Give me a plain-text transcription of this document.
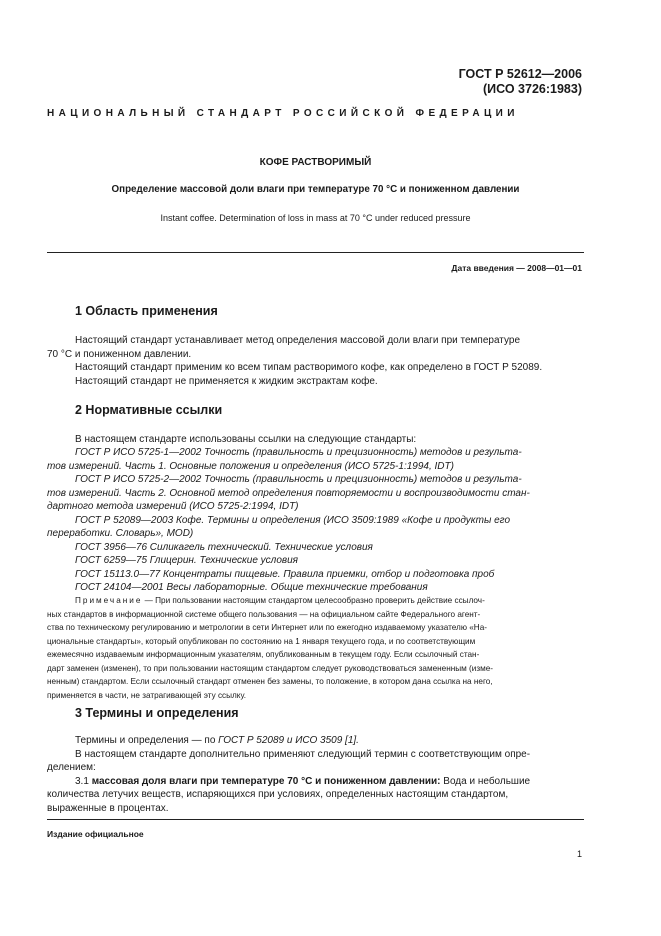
ГОСТ Р 52612—2006
(ИСО 3726:1983)
НАЦИОНАЛЬНЫЙ СТАНДАРТ РОССИЙСКОЙ ФЕДЕРАЦИИ
КОФЕ РАСТВОРИМЫЙ
Определение массовой доли влаги при температуре 70 °С и пониженном давлении
Instant coffee. Determination of loss in mass at 70 °C under reduced pressure
Дата введения — 2008—01—01
1 Область применения
Настоящий стандарт устанавливает метод определения массовой доли влаги при температуре
70 °С и пониженном давлении.
Настоящий стандарт применим ко всем типам растворимого кофе, как определено в ГОСТ Р 52089.
Настоящий стандарт не применяется к жидким экстрактам кофе.
2 Нормативные ссылки
В настоящем стандарте использованы ссылки на следующие стандарты:
ГОСТ Р ИСО 5725-1—2002 Точность (правильность и прецизионность) методов и результа-
тов измерений. Часть 1. Основные положения и определения (ИСО 5725-1:1994, IDT)
ГОСТ Р ИСО 5725-2—2002 Точность (правильность и прецизионность) методов и результа-
тов измерений. Часть 2. Основной метод определения повторяемости и воспроизводимости стан-
дартного метода измерений (ИСО 5725-2:1994, IDT)
ГОСТ Р 52089—2003 Кофе. Термины и определения (ИСО 3509:1989 «Кофе и продукты его
переработки. Словарь», MOD)
ГОСТ 3956—76 Силикагель технический. Технические условия
ГОСТ 6259—75 Глицерин. Технические условия
ГОСТ 15113.0—77 Концентраты пищевые. Правила приемки, отбор и подготовка проб
ГОСТ 24104—2001 Весы лабораторные. Общие технические требования
Примечание — При пользовании настоящим стандартом целесообразно проверить действие ссылоч-
ных стандартов в информационной системе общего пользования — на официальном сайте Федерального агент-
ства по техническому регулированию и метрологии в сети Интернет или по ежегодно издаваемому указателю «На-
циональные стандарты», который опубликован по состоянию на 1 января текущего года, и по соответствующим
ежемесячно издаваемым информационным указателям, опубликованным в текущем году. Если ссылочный стан-
дарт заменен (изменен), то при пользовании настоящим стандартом следует руководствоваться замененным (изме-
ненным) стандартом. Если ссылочный стандарт отменен без замены, то положение, в котором дана ссылка на него,
применяется в части, не затрагивающей эту ссылку.
3 Термины и определения
Термины и определения — по ГОСТ Р 52089 и ИСО 3509 [1].
В настоящем стандарте дополнительно применяют следующий термин с соответствующим опре-
делением:
3.1 массовая доля влаги при температуре 70 °С и пониженном давлении: Вода и небольшие
количества летучих веществ, испаряющихся при условиях, определенных настоящим стандартом,
выраженные в процентах.
Издание официальное
1
